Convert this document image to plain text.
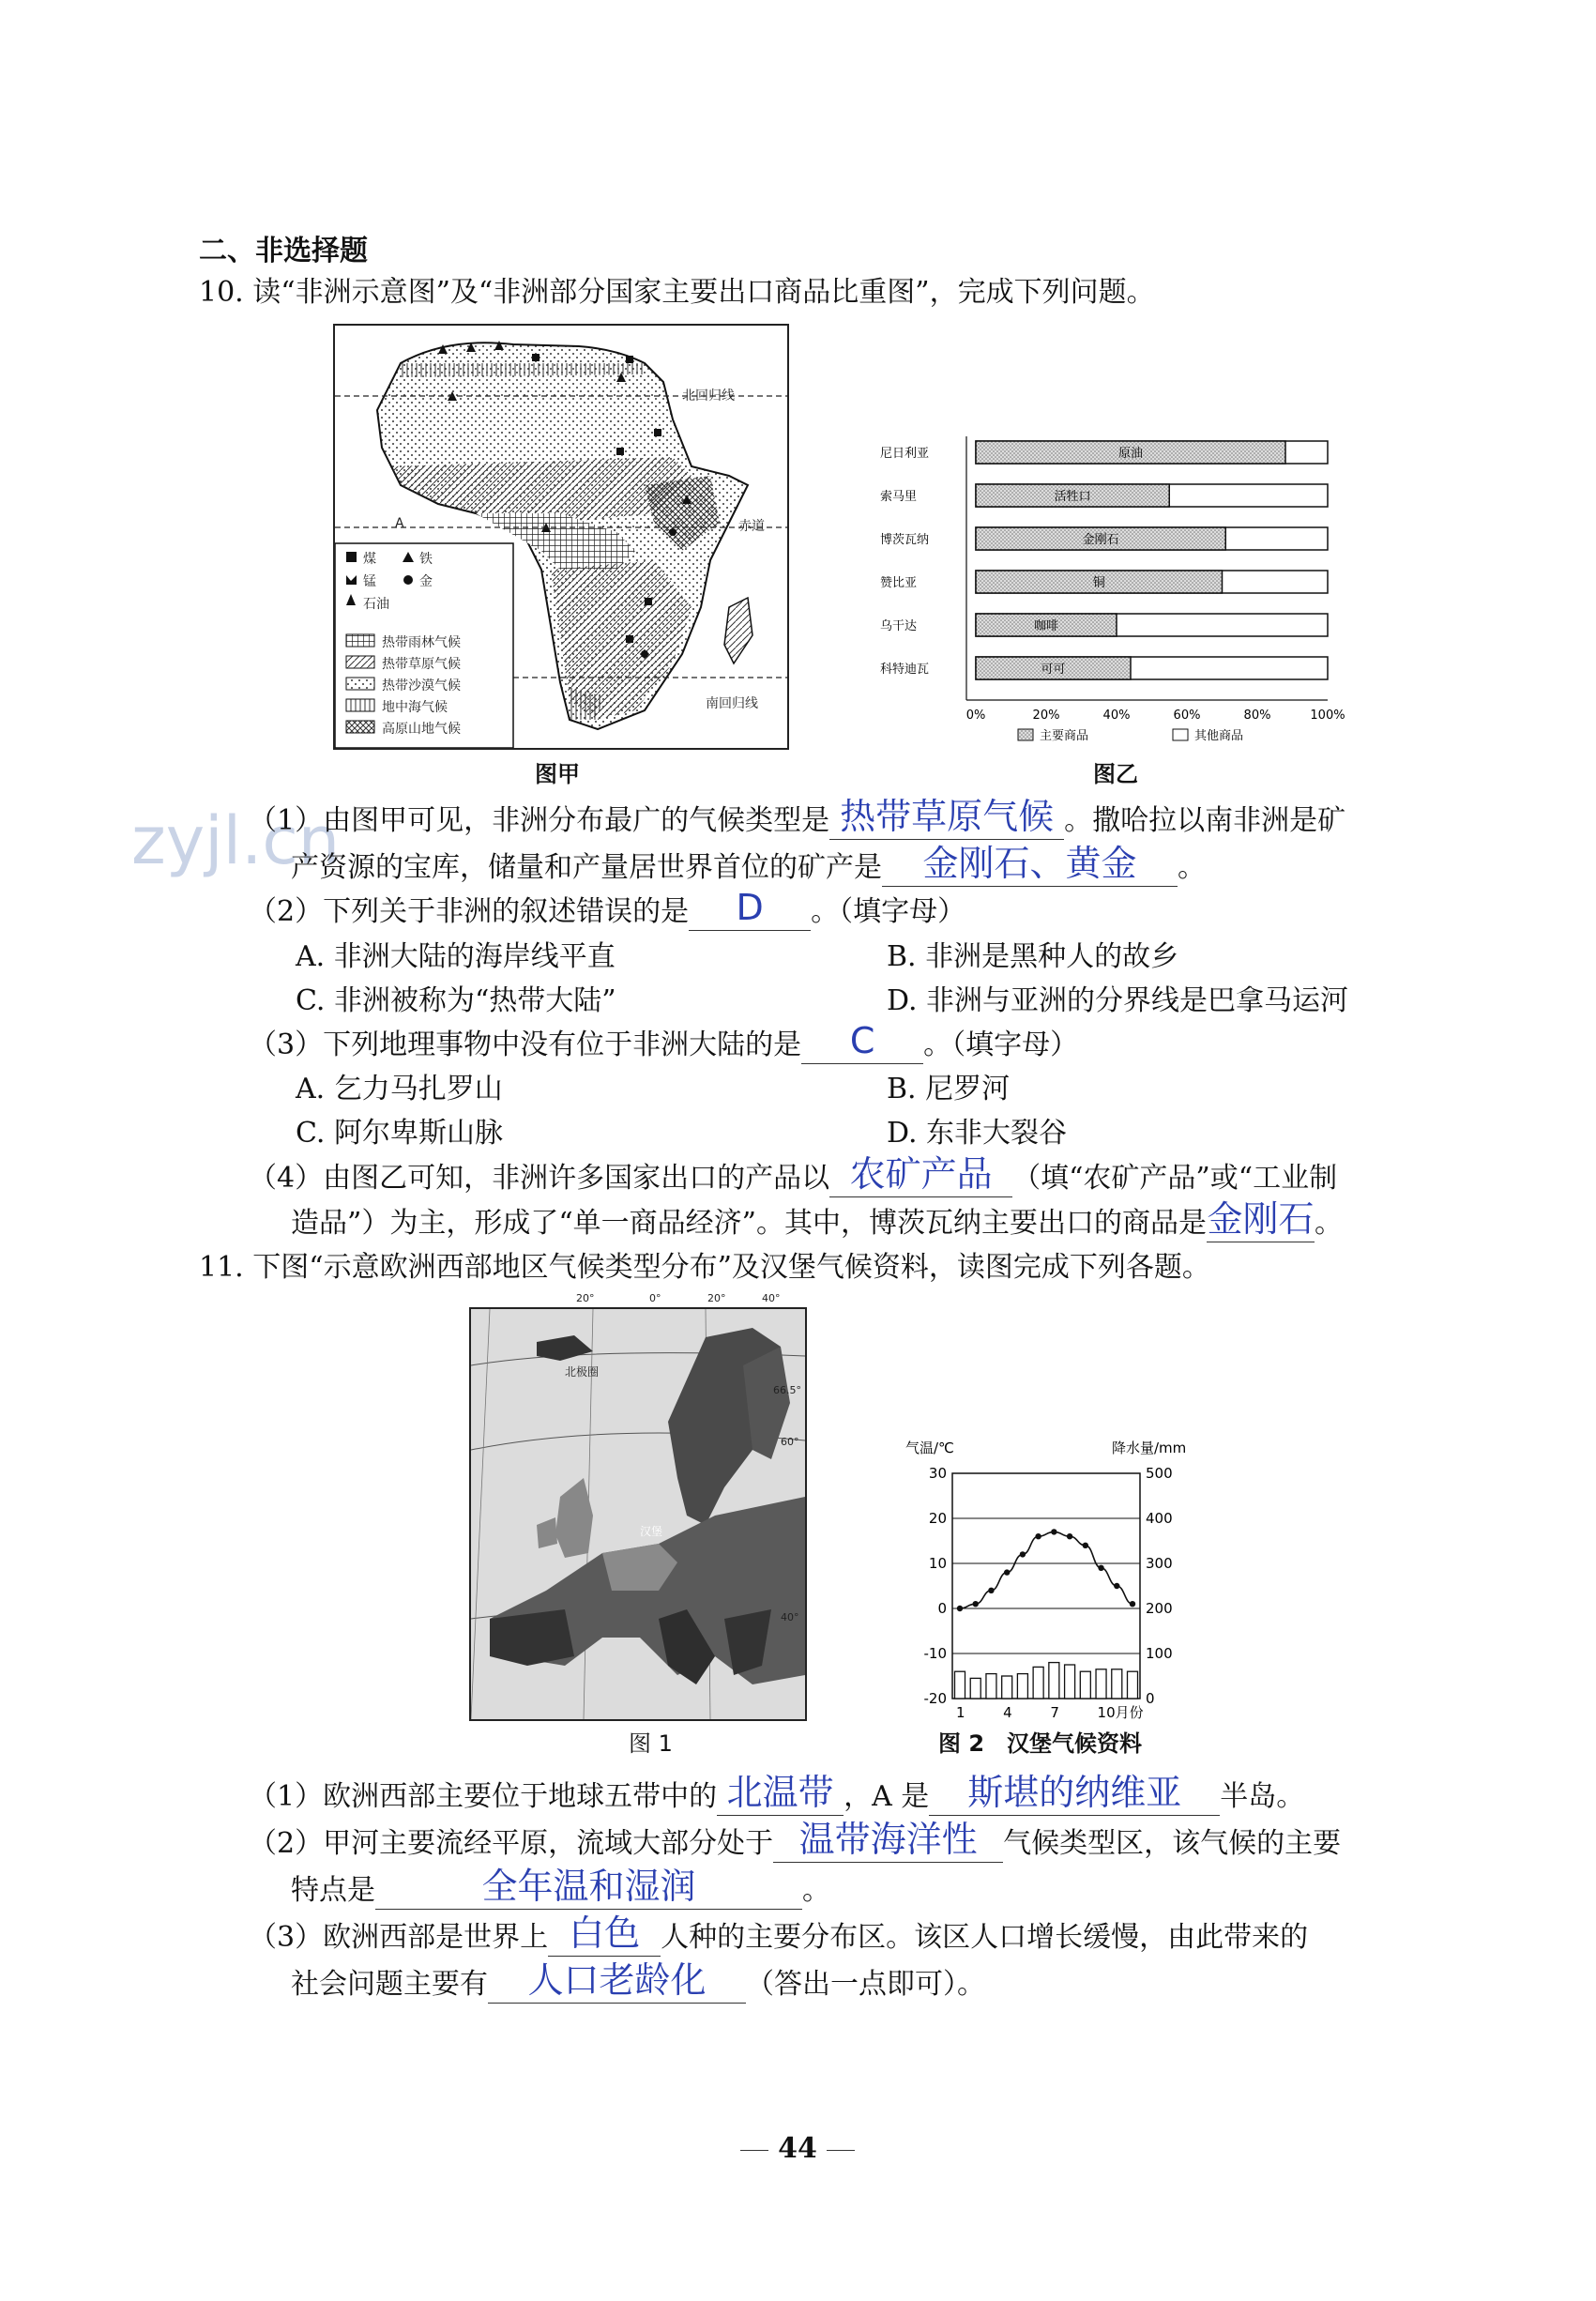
zyjl.cn
二、非选择题
10. 读“非洲示意图”及“非洲部分国家主要出口商品比重图”，完成下列问题。
北回归线
赤道
南回归线
A
煤	铁
锰	金
石油
热带雨林气候
热带草原气候
热带沙漠气候
地中海气候
高原山地气候
图甲
尼日利亚	原油
索马里	活牲口
博茨瓦纳	金刚石
赞比亚	铜
乌干达	咖啡
科特迪瓦	可可
0%	20%	40%	60%	80%	100%
主要商品	其他商品
图乙
（1）由图甲可见，非洲分布最广的气候类型是 热带草原气候 。撒哈拉以南非洲是矿
产资源的宝库，储量和产量居世界首位的矿产是	金刚石、黄金	。
（2）下列关于非洲的叙述错误的是	D	。（填字母）
A. 非洲大陆的海岸线平直	B. 非洲是黑种人的故乡
C. 非洲被称为“热带大陆”	D. 非洲与亚洲的分界线是巴拿马运河
（3）下列地理事物中没有位于非洲大陆的是	C	。（填字母）
A. 乞力马扎罗山	B. 尼罗河
C. 阿尔卑斯山脉	D. 东非大裂谷
（4）由图乙可知，非洲许多国家出口的产品以 农矿产品 （填“农矿产品”或“工业制
造品”）为主，形成了“单一商品经济”。其中，博茨瓦纳主要出口的商品是 金刚石 。
11. 下图“示意欧洲西部地区气候类型分布”及汉堡气候资料，读图完成下列各题。
北极圈
汉堡
66.5°
60°
40°
20°	0°	20°	40°
图 1
30
20
10
0
-10
-20
500
400
300
200
100
0
气温/℃	降水量/mm
1	4	7	10月份
图 2　汉堡气候资料
（1）欧洲西部主要位于地球五带中的 北温带 ，A 是	斯堪的纳维亚	半岛。
（2）甲河主要流经平原，流域大部分处于 温带海洋性 气候类型区，该气候的主要
特点是	全年温和湿润	。
（3）欧洲西部是世界上 白色 人种的主要分布区。该区人口增长缓慢，由此带来的
社会问题主要有	人口老龄化	（答出一点即可）。
44
